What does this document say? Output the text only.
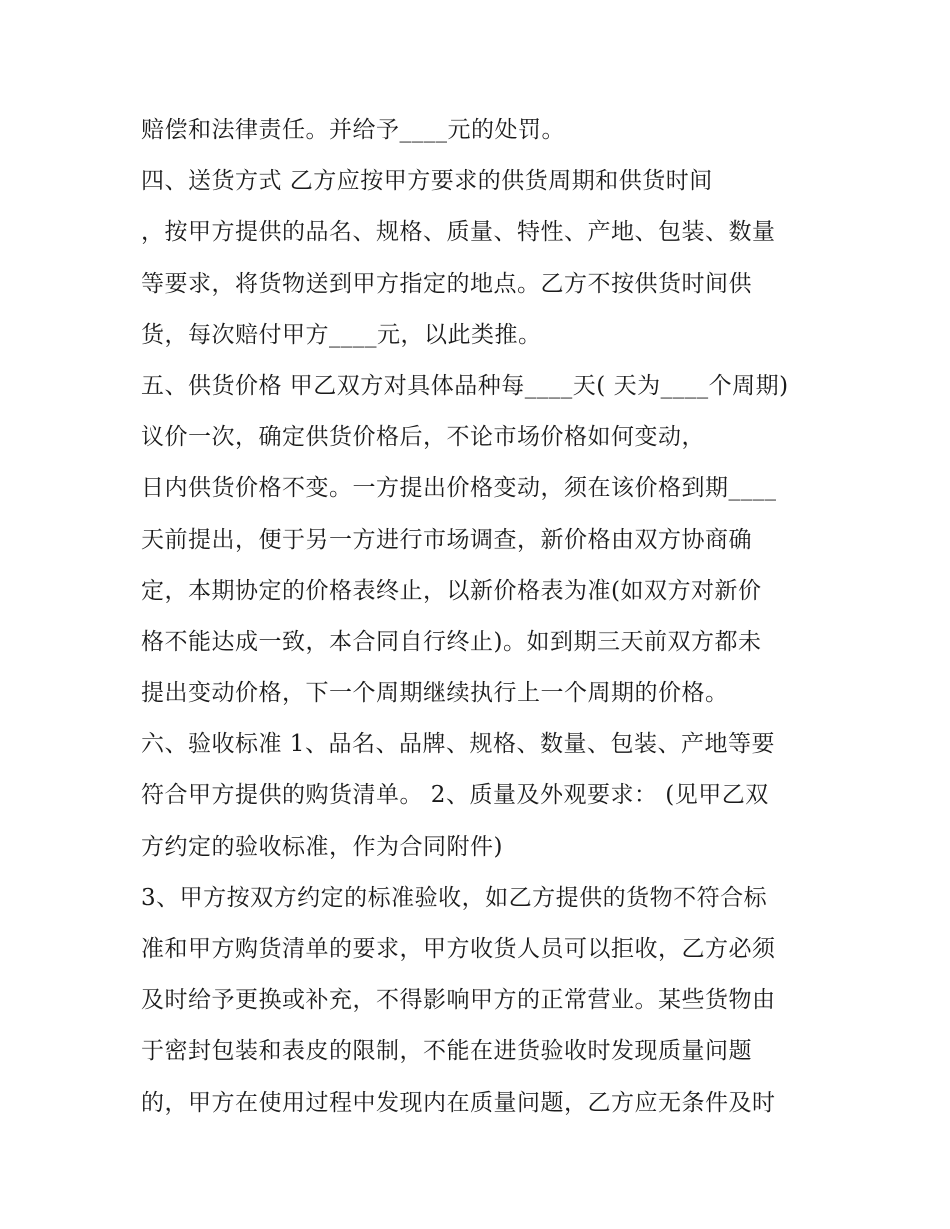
赔偿和法律责任。并给予____元的处罚。
四、送货方式 乙方应按甲方要求的供货周期和供货时间
，按甲方提供的品名、规格、质量、特性、产地、包装、数量
等要求，将货物送到甲方指定的地点。乙方不按供货时间供
货，每次赔付甲方____元，以此类推。
五、供货价格 甲乙双方对具体品种每____天( 天为____个周期)
议价一次，确定供货价格后，不论市场价格如何变动，
日内供货价格不变。一方提出价格变动，须在该价格到期____
天前提出，便于另一方进行市场调查，新价格由双方协商确
定，本期协定的价格表终止，以新价格表为准(如双方对新价
格不能达成一致，本合同自行终止)。如到期三天前双方都未
提出变动价格，下一个周期继续执行上一个周期的价格。
六、验收标准 1、品名、品牌、规格、数量、包装、产地等要
符合甲方提供的购货清单。 2、质量及外观要求： (见甲乙双
方约定的验收标准，作为合同附件)
3、甲方按双方约定的标准验收，如乙方提供的货物不符合标
准和甲方购货清单的要求，甲方收货人员可以拒收，乙方必须
及时给予更换或补充，不得影响甲方的正常营业。某些货物由
于密封包装和表皮的限制，不能在进货验收时发现质量问题
的，甲方在使用过程中发现内在质量问题，乙方应无条件及时
